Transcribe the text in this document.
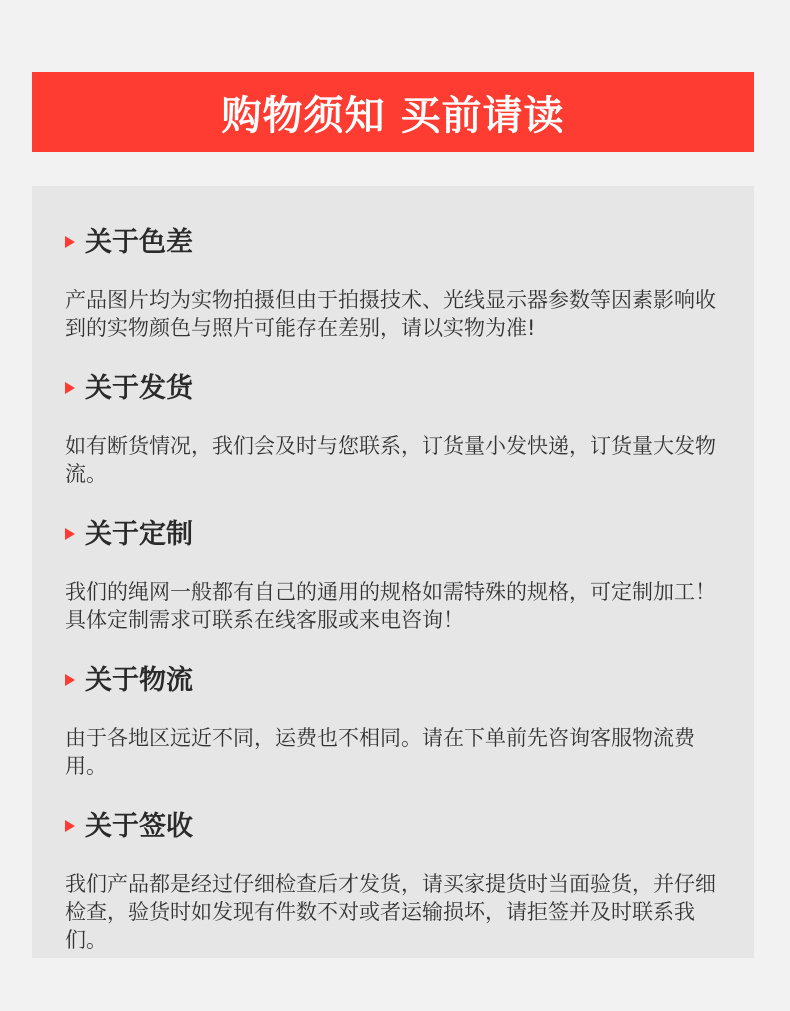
购物须知 买前请读
关于色差
产品图片均为实物拍摄但由于拍摄技术、光线显示器参数等因素影响收到的实物颜色与照片可能存在差别，请以实物为准!
关于发货
如有断货情况，我们会及时与您联系，订货量小发快递，订货量大发物流。
关于定制
我们的绳网一般都有自己的通用的规格如需特殊的规格，可定制加工！具体定制需求可联系在线客服或来电咨询！
关于物流
由于各地区远近不同，运费也不相同。请在下单前先咨询客服物流费用。
关于签收
我们产品都是经过仔细检查后才发货，请买家提货时当面验货，并仔细检查，验货时如发现有件数不对或者运输损坏，请拒签并及时联系我们。
